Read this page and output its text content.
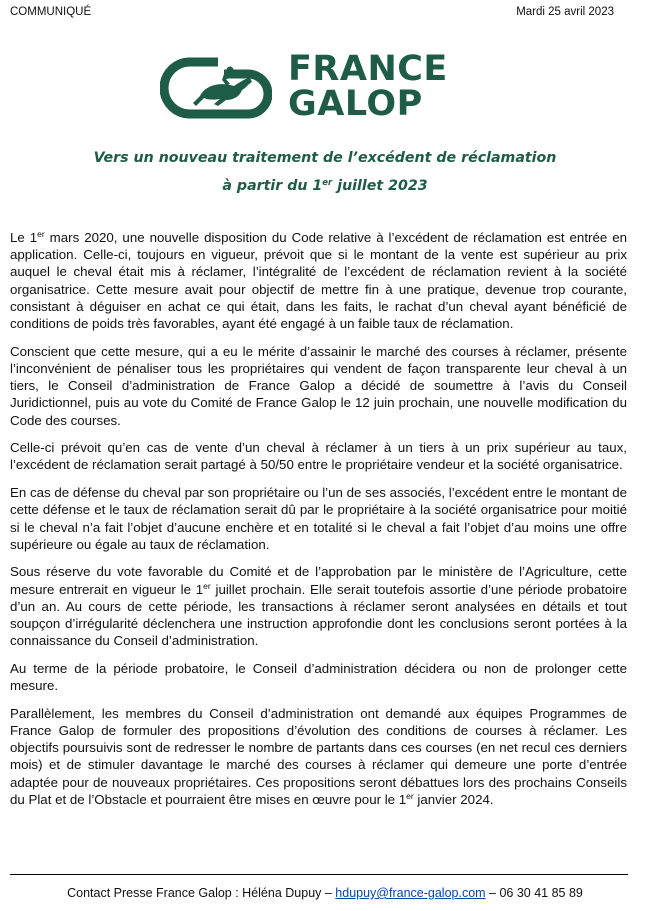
COMMUNIQUÉ	Mardi 25 avril 2023
FRANCE
GALOP
Vers un nouveau traitement de l’excédent de réclamation
à partir du 1er juillet 2023

Le 1er mars 2020, une nouvelle disposition du Code relative à l’excédent de réclamation est entrée en application. Celle-ci, toujours en vigueur, prévoit que si le montant de la vente est supérieur au prix auquel le cheval était mis à réclamer, l’intégralité de l’excédent de réclamation revient à la société organisatrice. Cette mesure avait pour objectif de mettre fin à une pratique, devenue trop courante, consistant à déguiser en achat ce qui était, dans les faits, le rachat d’un cheval ayant bénéficié de conditions de poids très favorables, ayant été engagé à un faible taux de réclamation.

Conscient que cette mesure, qui a eu le mérite d’assainir le marché des courses à réclamer, présente l’inconvénient de pénaliser tous les propriétaires qui vendent de façon transparente leur cheval à un tiers, le Conseil d’administration de France Galop a décidé de soumettre à l’avis du Conseil Juridictionnel, puis au vote du Comité de France Galop le 12 juin prochain, une nouvelle modification du Code des courses.

Celle-ci prévoit qu’en cas de vente d’un cheval à réclamer à un tiers à un prix supérieur au taux, l’excédent de réclamation serait partagé à 50/50 entre le propriétaire vendeur et la société organisatrice.

En cas de défense du cheval par son propriétaire ou l’un de ses associés, l’excédent entre le montant de cette défense et le taux de réclamation serait dû par le propriétaire à la société organisatrice pour moitié si le cheval n’a fait l’objet d’aucune enchère et en totalité si le cheval a fait l’objet d’au moins une offre supérieure ou égale au taux de réclamation.

Sous réserve du vote favorable du Comité et de l’approbation par le ministère de l’Agriculture, cette mesure entrerait en vigueur le 1er juillet prochain. Elle serait toutefois assortie d’une période probatoire d’un an. Au cours de cette période, les transactions à réclamer seront analysées en détails et tout soupçon d’irrégularité déclenchera une instruction approfondie dont les conclusions seront portées à la connaissance du Conseil d’administration.

Au terme de la période probatoire, le Conseil d’administration décidera ou non de prolonger cette mesure.

Parallèlement, les membres du Conseil d’administration ont demandé aux équipes Programmes de France Galop de formuler des propositions d’évolution des conditions de courses à réclamer. Les objectifs poursuivis sont de redresser le nombre de partants dans ces courses (en net recul ces derniers mois) et de stimuler davantage le marché des courses à réclamer qui demeure une porte d’entrée adaptée pour de nouveaux propriétaires. Ces propositions seront débattues lors des prochains Conseils du Plat et de l’Obstacle et pourraient être mises en œuvre pour le 1er janvier 2024.

Contact Presse France Galop : Héléna Dupuy – hdupuy@france-galop.com – 06 30 41 85 89
